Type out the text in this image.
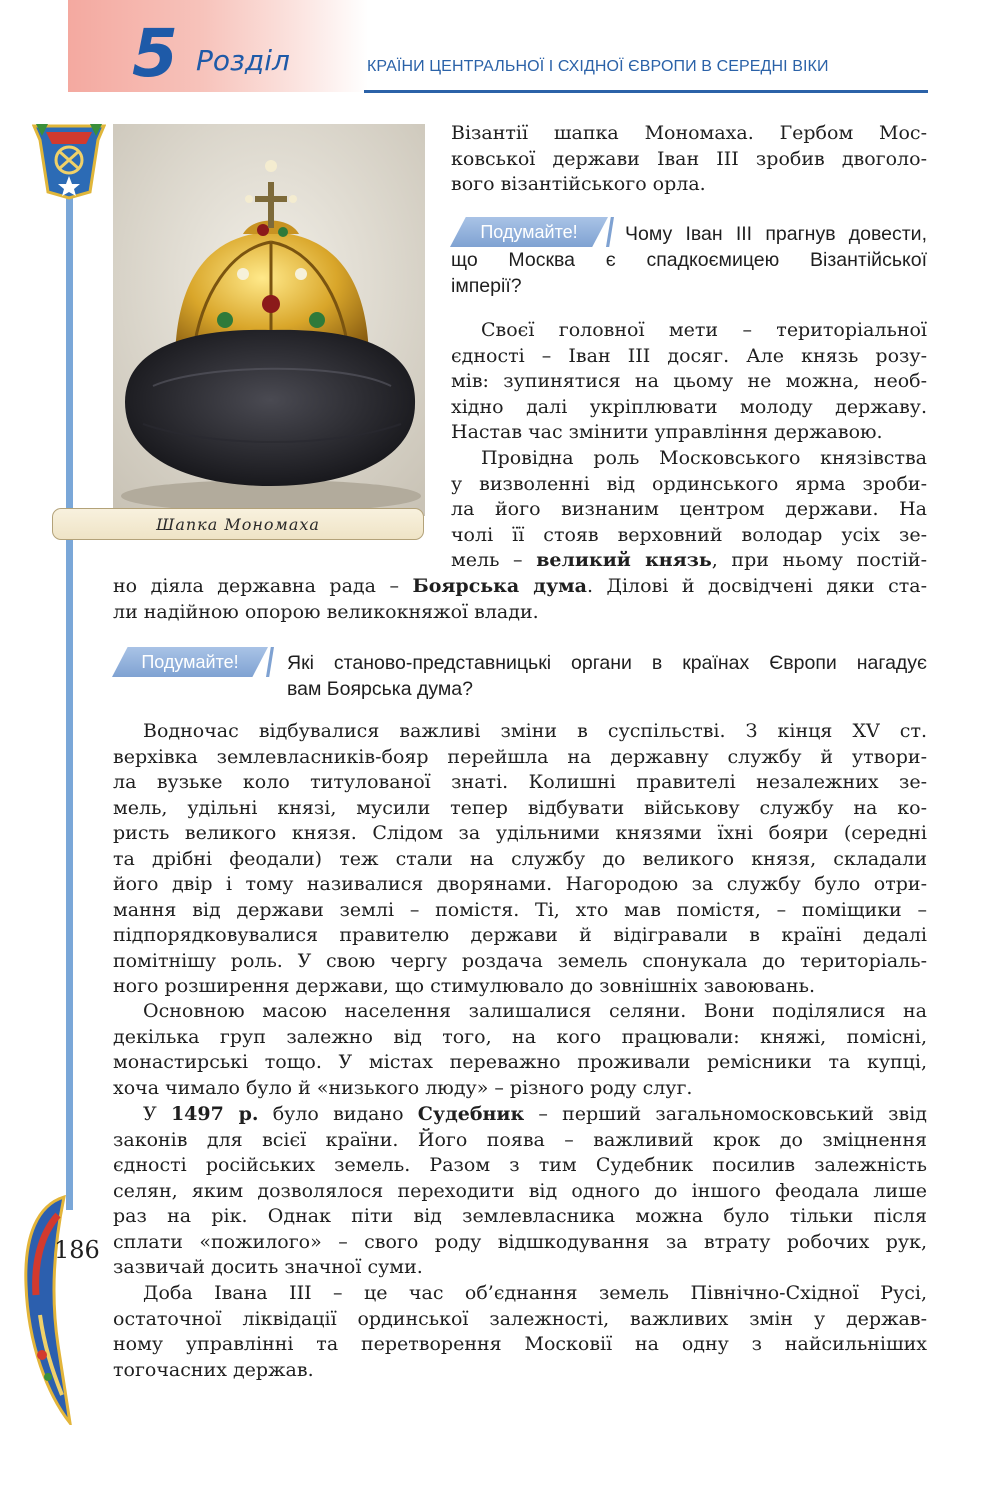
5 Розділ	КРАЇНИ ЦЕНТРАЛЬНОЇ І СХІДНОЇ ЄВРОПИ В СЕРЕДНІ ВІКИ
186
Шапка Мономаха
Візантії шапка Мономаха. Гербом Мос-
ковської держави Іван ІІІ зробив двоголо-
вого візантійського орла.
Подумайте!	Чому Іван ІІІ прагнув довести,
що Москва є спадкоємицею Візантійської
імперії?
Своєї головної мети – територіальної
єдності – Іван ІІІ досяг. Але князь розу-
мів: зупинятися на цьому не можна, необ-
хідно далі укріплювати молоду державу.
Настав час змінити управління державою.
Провідна роль Московського князівства
у визволенні від ординського ярма зроби-
ла його визнаним центром держави. На
чолі її стояв верховний володар усіх зе-
мель – великий князь, при ньому постій-
но діяла державна рада – Боярська дума. Ділові й досвідчені дяки ста-
ли надійною опорою великокняжої влади.
Подумайте!	Які станово-представницькі органи в країнах Європи нагадує
вам Боярська дума?
Водночас відбувалися важливі зміни в суспільстві. З кінця XV ст.
верхівка землевласників-бояр перейшла на державну службу й утвори-
ла вузьке коло титулованої знаті. Колишні правителі незалежних зе-
мель, удільні князі, мусили тепер відбувати військову службу на ко-
ристь великого князя. Слідом за удільними князями їхні бояри (середні
та дрібні феодали) теж стали на службу до великого князя, складали
його двір і тому називалися дворянами. Нагородою за службу було отри-
мання від держави землі – помістя. Ті, хто мав помістя, – поміщики –
підпорядковувалися правителю держави й відігравали в країні дедалі
помітнішу роль. У свою чергу роздача земель спонукала до територіаль-
ного розширення держави, що стимулювало до зовнішніх завоювань.
Основною масою населення залишалися селяни. Вони поділялися на
декілька груп залежно від того, на кого працювали: княжі, помісні,
монастирські тощо. У містах переважно проживали ремісники та купці,
хоча чимало було й «низького люду» – різного роду слуг.
У 1497 р. було видано Судебник – перший загальномосковський звід
законів для всієї країни. Його поява – важливий крок до зміцнення
єдності російських земель. Разом з тим Судебник посилив залежність
селян, яким дозволялося переходити від одного до іншого феодала лише
раз на рік. Однак піти від землевласника можна було тільки після
сплати «пожилого» – свого роду відшкодування за втрату робочих рук,
зазвичай досить значної суми.
Доба Івана ІІІ – це час об’єднання земель Північно-Східної Русі,
остаточної ліквідації ординської залежності, важливих змін у держав-
ному управлінні та перетворення Московії на одну з найсильніших
тогочасних держав.
